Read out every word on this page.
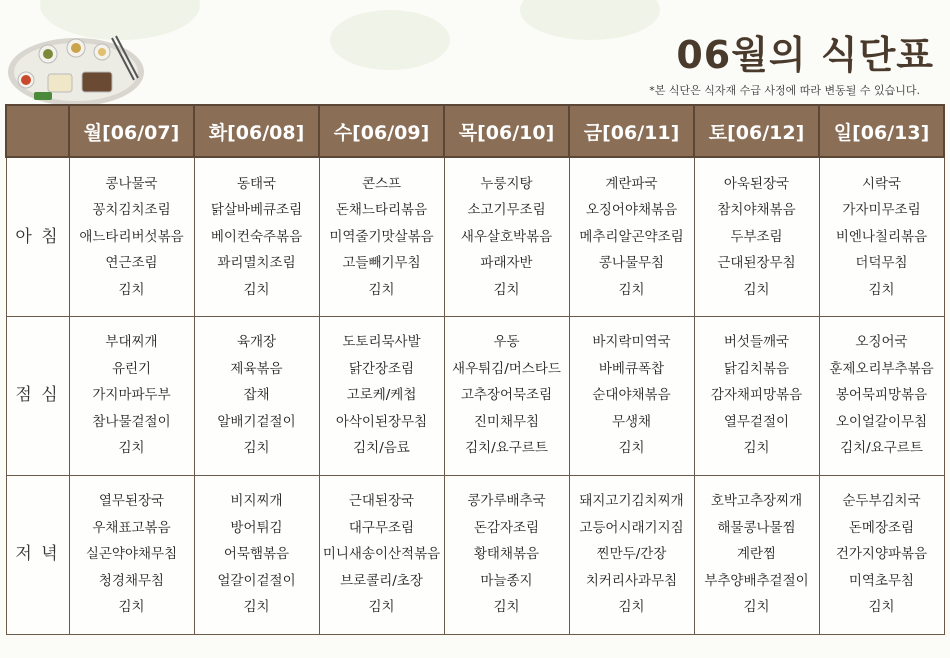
06월의 식단표
*본 식단은 식자재 수급 사정에 따라 변동될 수 있습니다.
	월[06/07]	화[06/08]	수[06/09]	목[06/10]	금[06/11]	토[06/12]	일[06/13]
아 침	콩나물국
꽁치김치조림
애느타리버섯볶음
연근조림
김치	동태국
닭살바베큐조림
베이컨숙주볶음
꽈리멸치조림
김치	콘스프
돈채느타리볶음
미역줄기맛살볶음
고들빼기무침
김치	누룽지탕
소고기무조림
새우살호박볶음
파래자반
김치	계란파국
오징어야채볶음
메추리알곤약조림
콩나물무침
김치	아욱된장국
참치야채볶음
두부조림
근대된장무침
김치	시락국
가자미무조림
비엔나칠리볶음
더덕무침
김치

점 심	부대찌개
유린기
가지마파두부
참나물겉절이
김치	육개장
제육볶음
잡채
알배기겉절이
김치	도토리묵사발
닭간장조림
고로케/케첩
아삭이된장무침
김치/음료	우동
새우튀김/머스타드
고추장어묵조림
진미채무침
김치/요구르트	바지락미역국
바베큐폭찹
순대야채볶음
무생채
김치	버섯들깨국
닭김치볶음
감자채피망볶음
열무겉절이
김치	오징어국
훈제오리부추볶음
봉어묵피망볶음
오이얼갈이무침
김치/요구르트

저 녁	열무된장국
우채표고볶음
실곤약야채무침
청경채무침
김치	비지찌개
방어튀김
어묵햄볶음
얼갈이겉절이
김치	근대된장국
대구무조림
미니새송이산적볶음
브로콜리/초장
김치	콩가루배추국
돈감자조림
황태채볶음
마늘종지
김치	돼지고기김치찌개
고등어시래기지짐
찐만두/간장
치커리사과무침
김치	호박고추장찌개
해물콩나물찜
계란찜
부추양배추겉절이
김치	순두부김치국
돈메장조림
건가지양파볶음
미역초무침
김치
